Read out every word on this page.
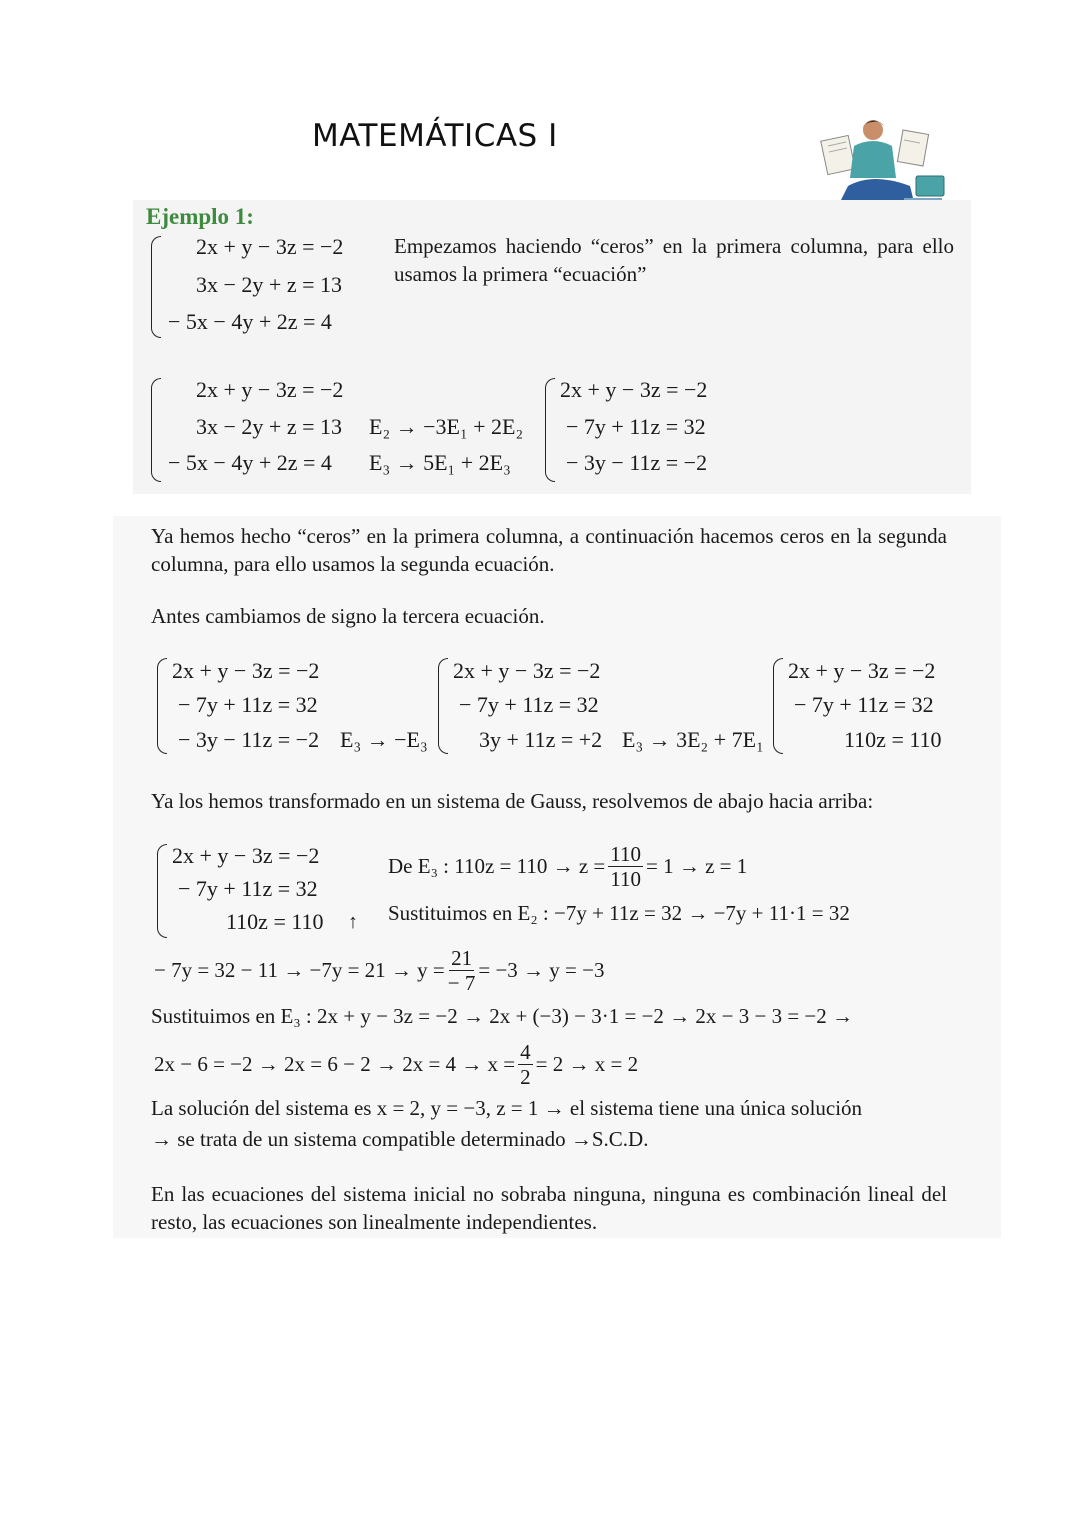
MATEMÁTICAS I
Ejemplo 1:
2x + y − 3z = −2
3x − 2y + z = 13
− 5x − 4y + 2z = 4
Empezamos haciendo “ceros” en la primera columna, para ello usamos la primera “ecuación”
2x + y − 3z = −2
3x − 2y + z = 13
− 5x − 4y + 2z = 4
E₂ → −3E₁ + 2E₂
E₃ → 5E₁ + 2E₃
2x + y − 3z = −2
− 7y + 11z = 32
− 3y − 11z = −2
Ya hemos hecho “ceros” en la primera columna, a continuación hacemos ceros en la segunda columna, para ello usamos la segunda ecuación.
Antes cambiamos de signo la tercera ecuación.
2x + y − 3z = −2
− 7y + 11z = 32
− 3y − 11z = −2 E₃ → −E₃
2x + y − 3z = −2
− 7y + 11z = 32
3y + 11z = +2 E₃ → 3E₂ + 7E₁
2x + y − 3z = −2
− 7y + 11z = 32
110z = 110
Ya los hemos transformado en un sistema de Gauss, resolvemos de abajo hacia arriba:
2x + y − 3z = −2
− 7y + 11z = 32
110z = 110 ↑
De E₃ : $110z = 110 \to z = \frac{110}{110} = 1 \to z = 1$
Sustituimos en E₂ : −7y + 11z = 32 → −7y + 11·1 = 32
− $7y = 32 - 11 \to -7y = 21 \to y = \frac{21}{- 7} = -3 \to y = -3$
Sustituimos en E₃ : 2x + y − 3z = −2 → 2x + (−3) − 3·1 = −2 → 2x − 3 − 3 = −2 →
$2x - 6 = -2 \to 2x = 6 - 2 \to 2x = 4 \to x = \frac{4}{2} = 2 \to x = 2$
La solución del sistema es x = 2, y = −3, z = 1 → el sistema tiene una única solución
→ se trata de un sistema compatible determinado →S.C.D.
En las ecuaciones del sistema inicial no sobraba ninguna, ninguna es combinación lineal del resto, las ecuaciones son linealmente independientes.
